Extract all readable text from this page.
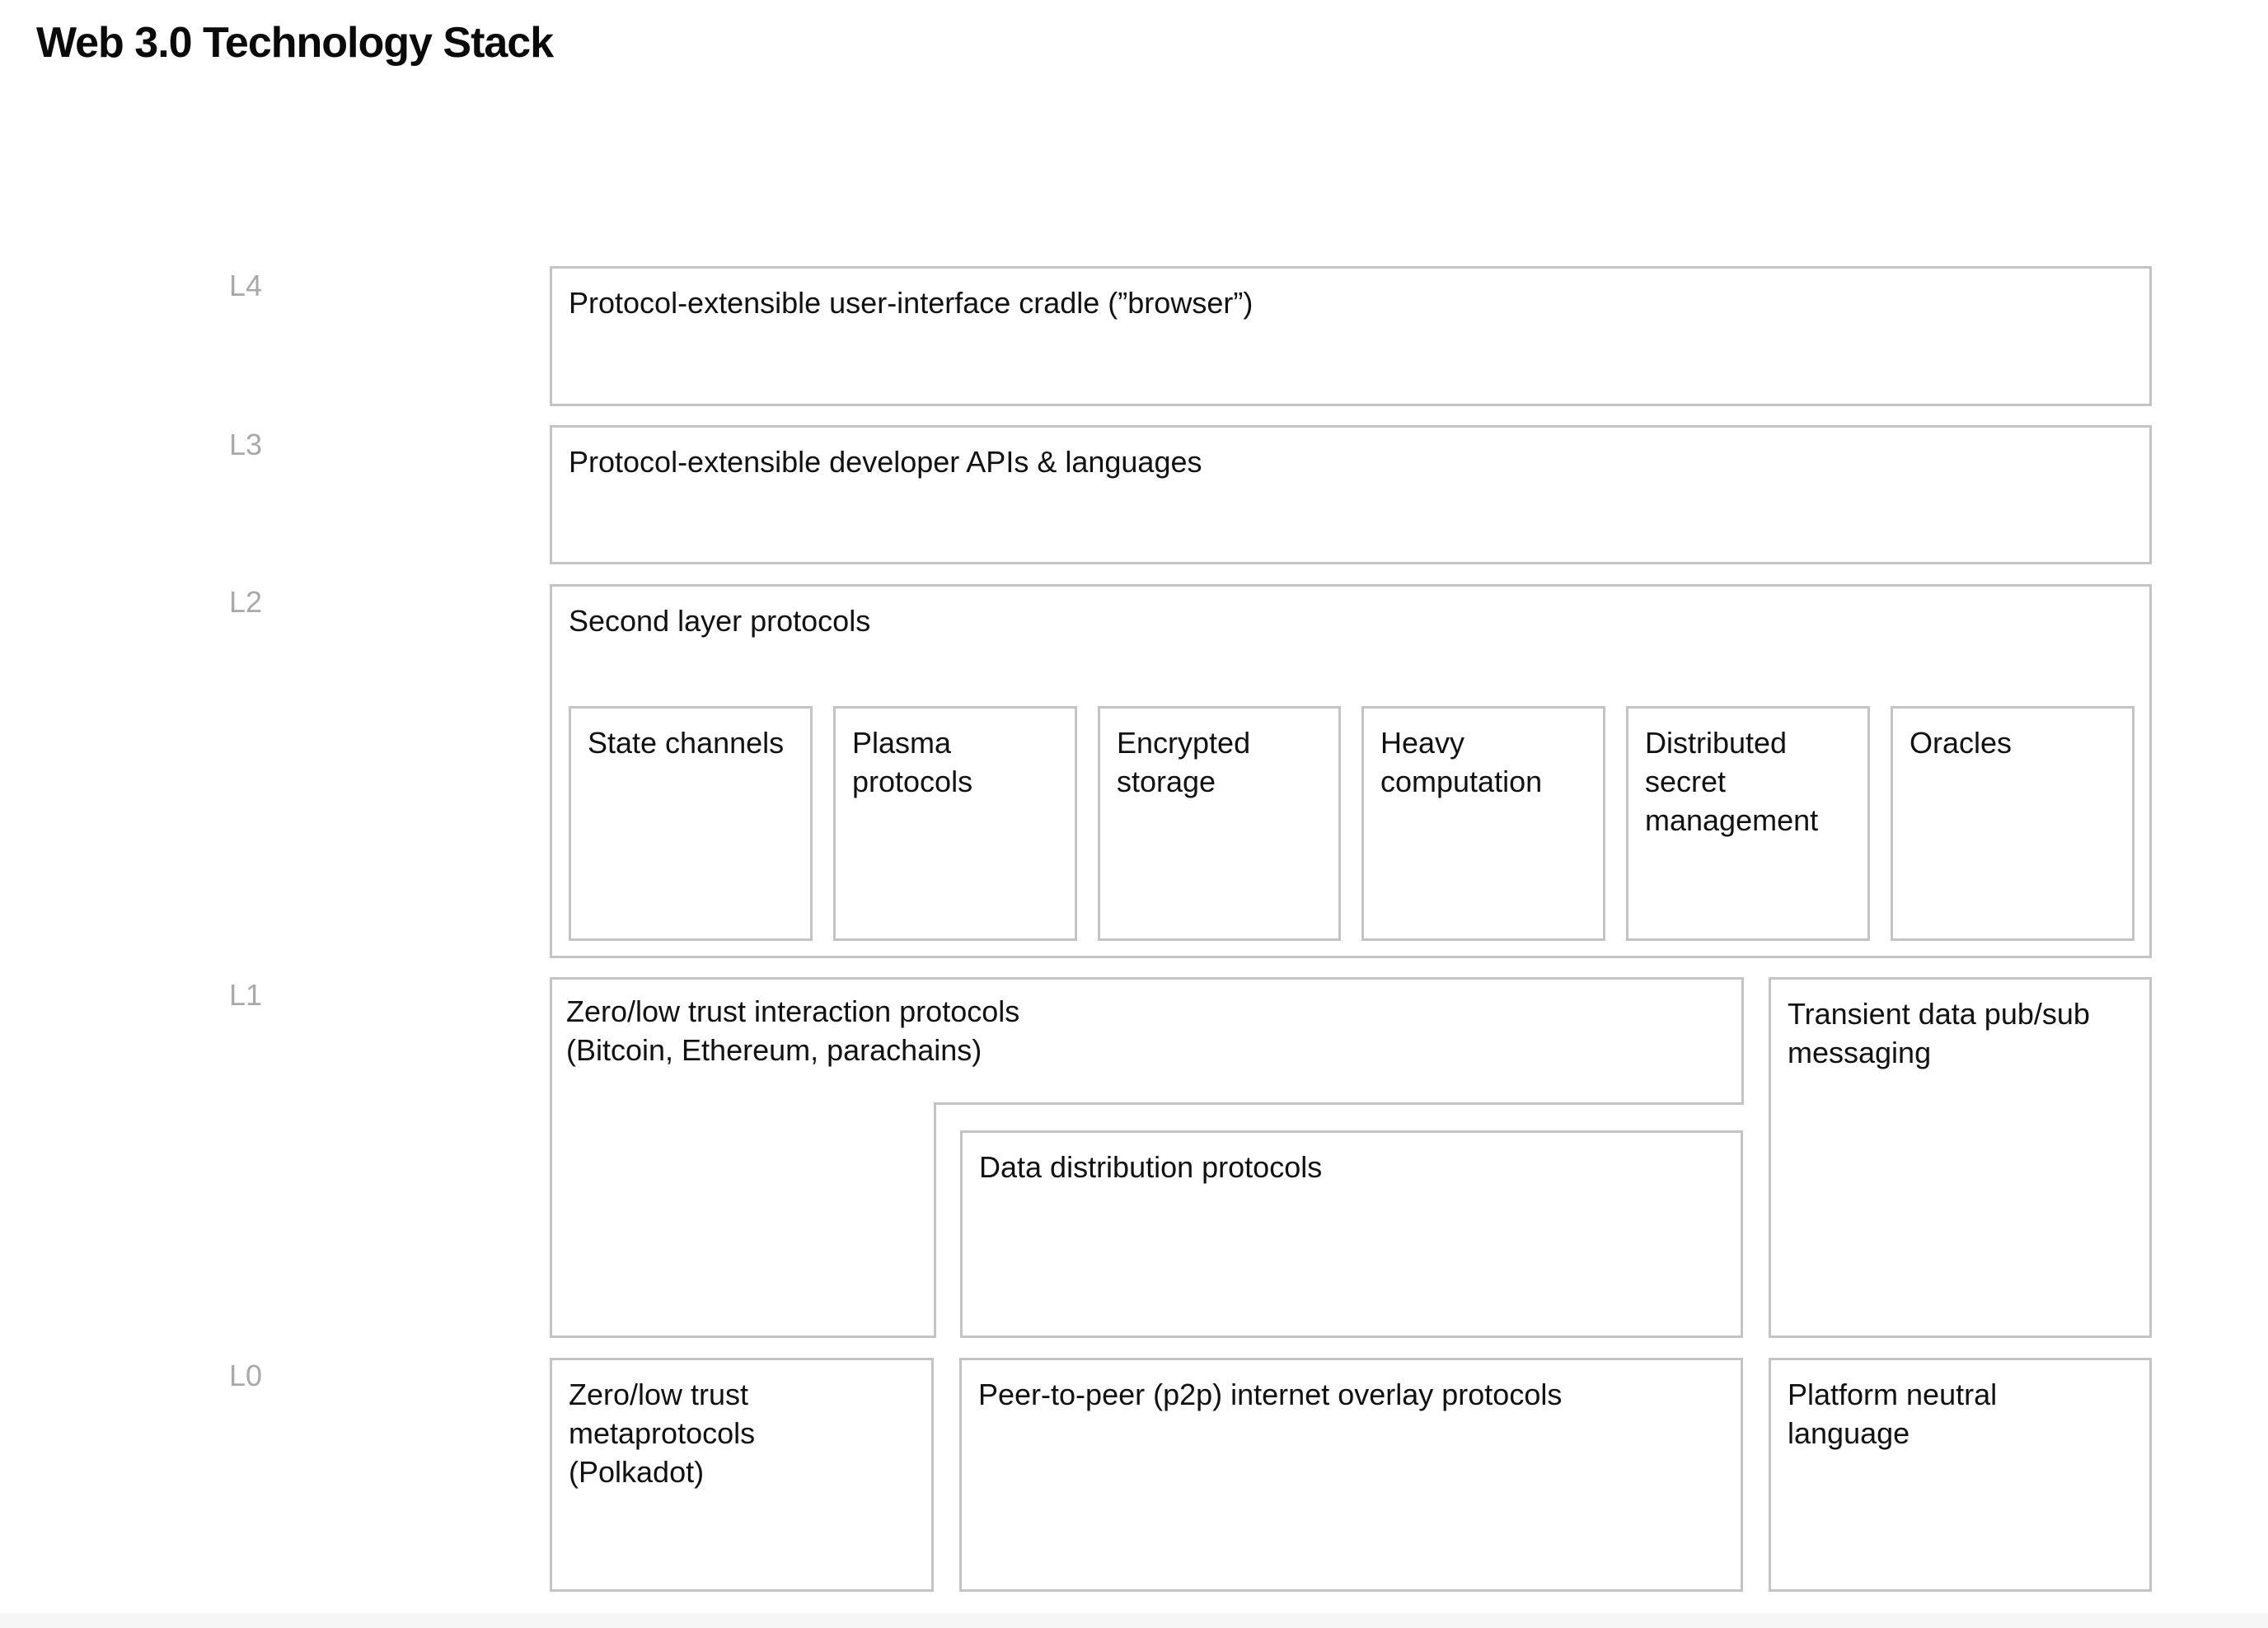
Web 3.0 Technology Stack
L4
L3
L2
L1
L0
Protocol-extensible user-interface cradle (”browser”)
Protocol-extensible developer APIs & languages
Second layer protocols
State channels	Plasma protocols
Encrypted storage
Heavy computation
Distributed secret management
Oracles
Zero/low trust interaction protocols
(Bitcoin, Ethereum, parachains)
Data distribution protocols
Transient data pub/sub messaging
Zero/low trust metaprotocols (Polkadot)
Peer-to-peer (p2p) internet overlay protocols	Platform neutral language
